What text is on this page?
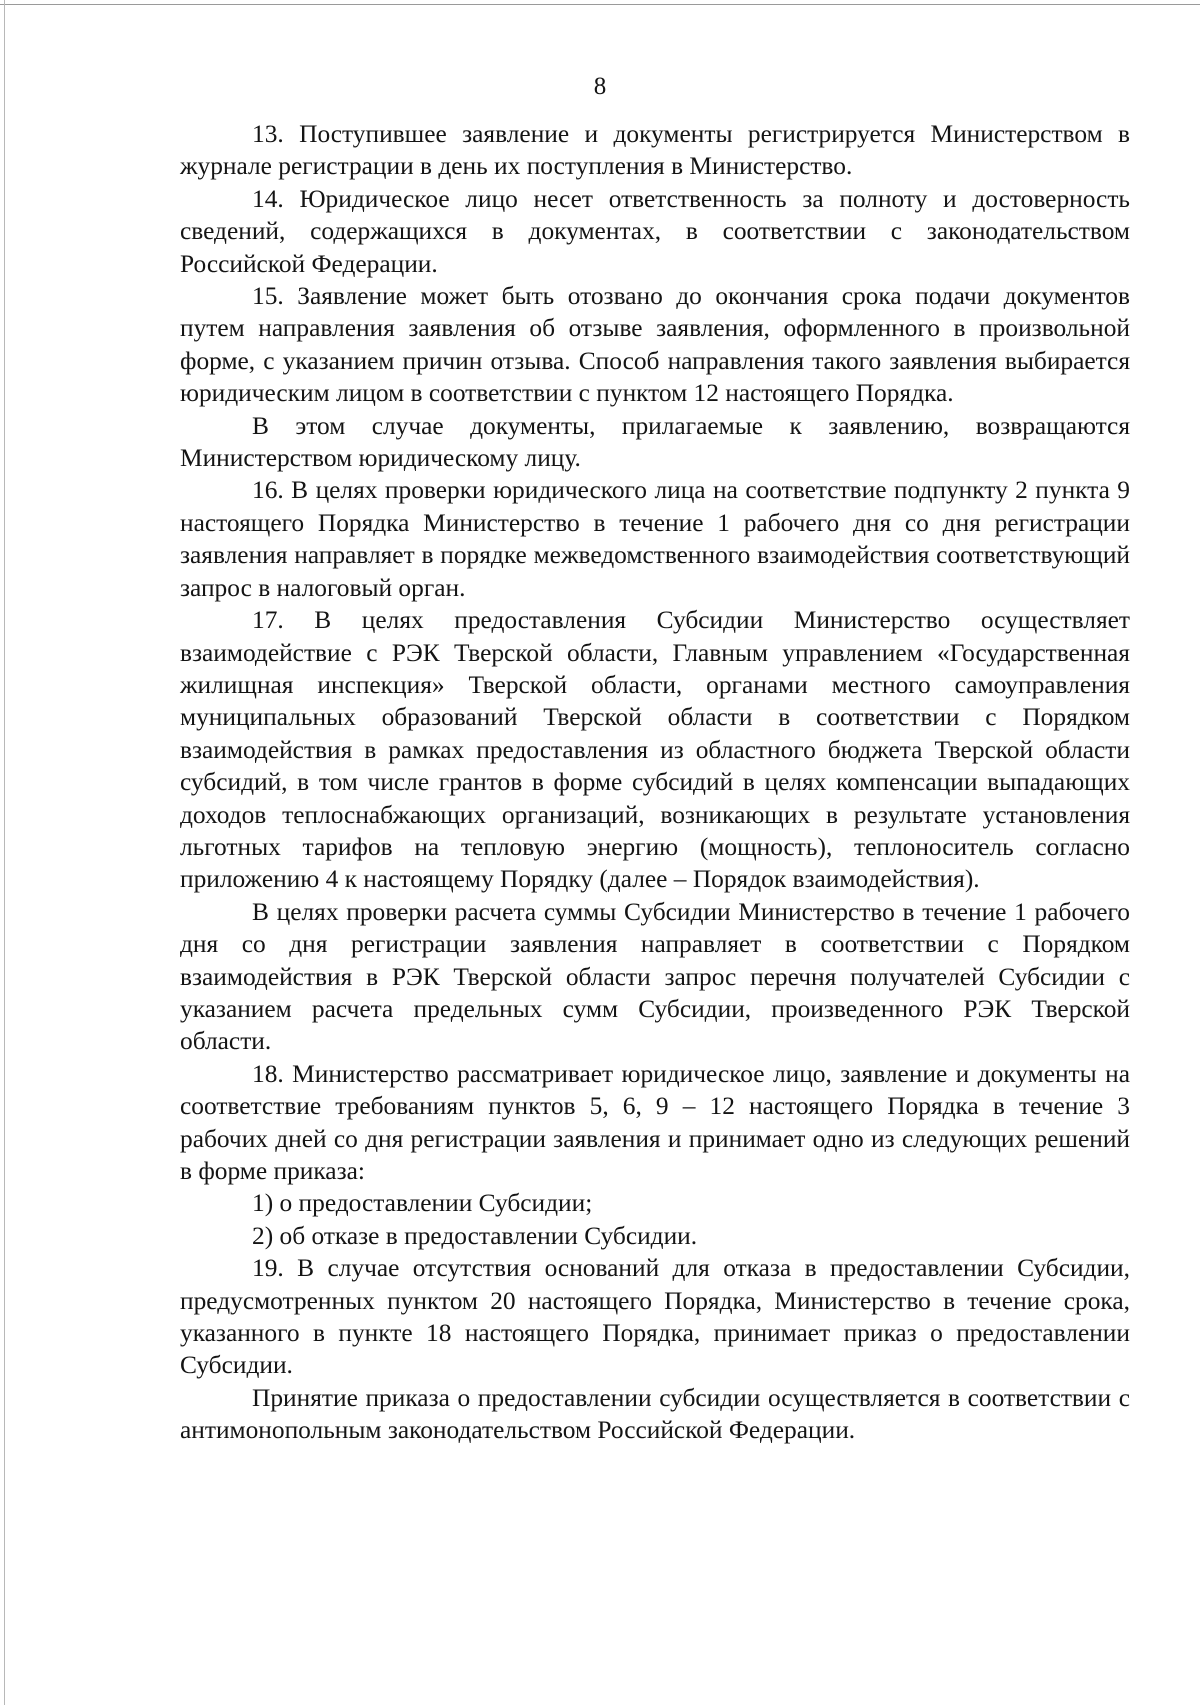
8

13. Поступившее заявление и документы регистрируется Министерством в журнале регистрации в день их поступления в Министерство.

14. Юридическое лицо несет ответственность за полноту и достоверность сведений, содержащихся в документах, в соответствии с законодательством Российской Федерации.

15. Заявление может быть отозвано до окончания срока подачи документов путем направления заявления об отзыве заявления, оформленного в произвольной форме, с указанием причин отзыва. Способ направления такого заявления выбирается юридическим лицом в соответствии с пунктом 12 настоящего Порядка.

В этом случае документы, прилагаемые к заявлению, возвращаются Министерством юридическому лицу.

16. В целях проверки юридического лица на соответствие подпункту 2 пункта 9 настоящего Порядка Министерство в течение 1 рабочего дня со дня регистрации заявления направляет в порядке межведомственного взаимодействия соответствующий запрос в налоговый орган.

17. В целях предоставления Субсидии Министерство осуществляет взаимодействие с РЭК Тверской области, Главным управлением «Государственная жилищная инспекция» Тверской области, органами местного самоуправления муниципальных образований Тверской области в соответствии с Порядком взаимодействия в рамках предоставления из областного бюджета Тверской области субсидий, в том числе грантов в форме субсидий в целях компенсации выпадающих доходов теплоснабжающих организаций, возникающих в результате установления льготных тарифов на тепловую энергию (мощность), теплоноситель согласно приложению 4 к настоящему Порядку (далее – Порядок взаимодействия).

В целях проверки расчета суммы Субсидии Министерство в течение 1 рабочего дня со дня регистрации заявления направляет в соответствии с Порядком взаимодействия в РЭК Тверской области запрос перечня получателей Субсидии с указанием расчета предельных сумм Субсидии, произведенного РЭК Тверской области.

18. Министерство рассматривает юридическое лицо, заявление и документы на соответствие требованиям пунктов 5, 6, 9 – 12 настоящего Порядка в течение 3 рабочих дней со дня регистрации заявления и принимает одно из следующих решений в форме приказа:

1) о предоставлении Субсидии;

2) об отказе в предоставлении Субсидии.

19. В случае отсутствия оснований для отказа в предоставлении Субсидии, предусмотренных пунктом 20 настоящего Порядка, Министерство в течение срока, указанного в пункте 18 настоящего Порядка, принимает приказ о предоставлении Субсидии.

Принятие приказа о предоставлении субсидии осуществляется в соответствии с антимонопольным законодательством Российской Федерации.
